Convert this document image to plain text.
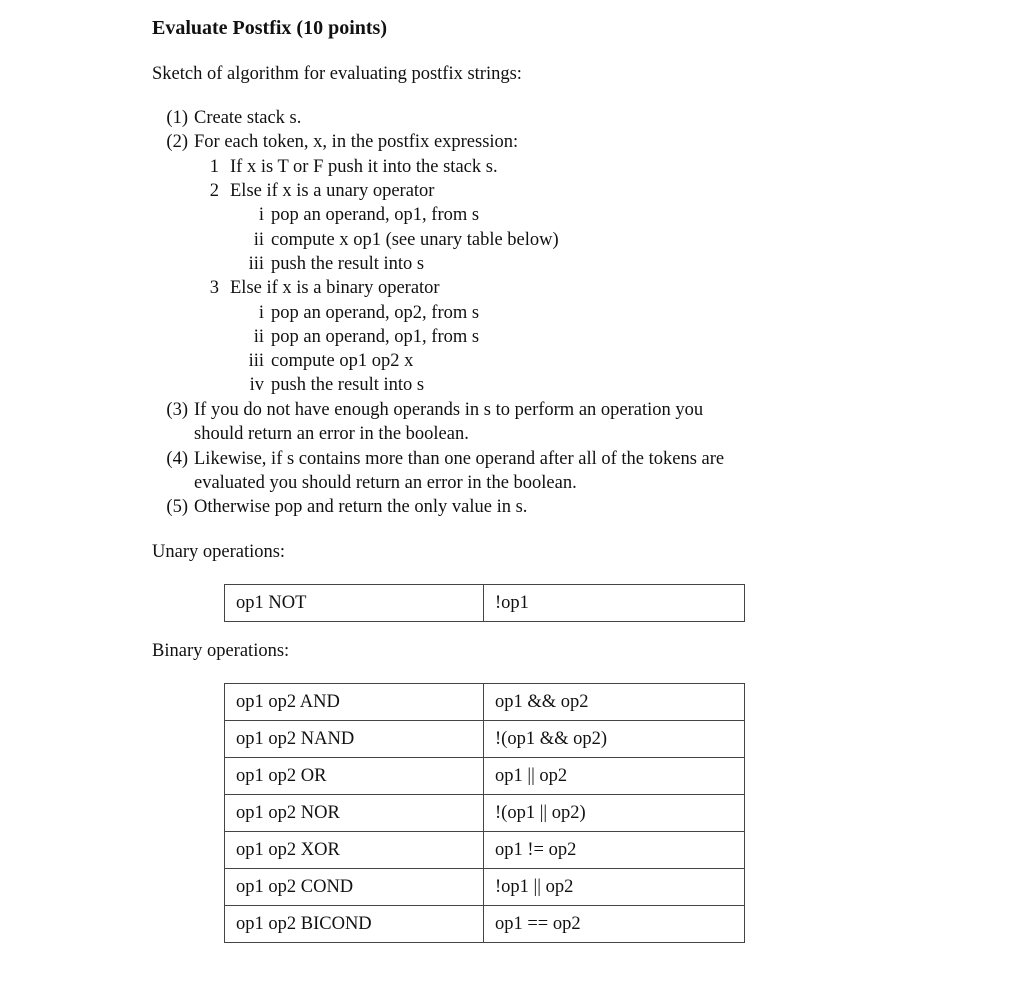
Evaluate Postfix (10 points)
Sketch of algorithm for evaluating postfix strings:
(1) Create stack s.
(2) For each token, x, in the postfix expression:
1 If x is T or F push it into the stack s.
2 Else if x is a unary operator
i pop an operand, op1, from s
ii compute x op1 (see unary table below)
iii push the result into s
3 Else if x is a binary operator
i pop an operand, op2, from s
ii pop an operand, op1, from s
iii compute op1 op2 x
iv push the result into s
(3) If you do not have enough operands in s to perform an operation you
should return an error in the boolean.
(4) Likewise, if s contains more than one operand after all of the tokens are
evaluated you should return an error in the boolean.
(5) Otherwise pop and return the only value in s.
Unary operations:
op1 NOT	!op1
Binary operations:
op1 op2 AND	op1 && op2
op1 op2 NAND	!(op1 && op2)
op1 op2 OR	op1 || op2
op1 op2 NOR	!(op1 || op2)
op1 op2 XOR	op1 != op2
op1 op2 COND	!op1 || op2
op1 op2 BICOND	op1 == op2
